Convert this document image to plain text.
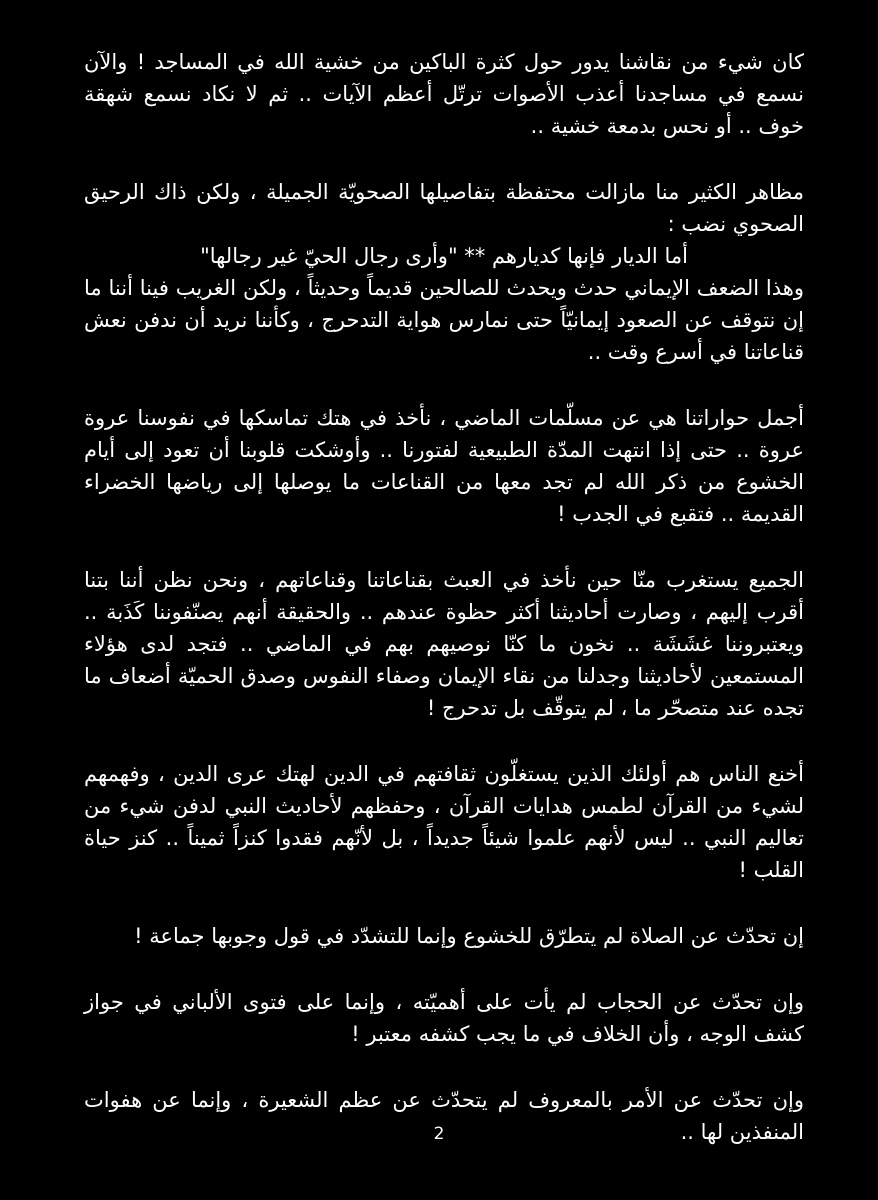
كان شيء من نقاشنا يدور حول كثرة الباكين من خشية الله في المساجد ! والآن نسمع في مساجدنا أعذب الأصوات ترتّل أعظم الآيات .. ثم لا نكاد نسمع شهقة خوف .. أو نحس بدمعة خشية ..

مظاهر الكثير منا مازالت محتفظة بتفاصيلها الصحويّة الجميلة ، ولكن ذاك الرحيق الصحوي نضب :

أما الديار فإنها كديارهم ** "وأرى رجال الحيّ غير رجالها"

وهذا الضعف الإيماني حدث ويحدث للصالحين قديماً وحديثاً ، ولكن الغريب فينا أننا ما إن نتوقف عن الصعود إيمانيّاً حتى نمارس هواية التدحرج ، وكأننا نريد أن ندفن نعش قناعاتنا في أسرع وقت ..

أجمل حواراتنا هي عن مسلّمات الماضي ، نأخذ في هتك تماسكها في نفوسنا عروة عروة .. حتى إذا انتهت المدّة الطبيعية لفتورنا .. وأوشكت قلوبنا أن تعود إلى أيام الخشوع من ذكر الله لم تجد معها من القناعات ما يوصلها إلى رياضها الخضراء القديمة .. فتقبع في الجدب !

الجميع يستغرب منّا حين نأخذ في العبث بقناعاتنا وقناعاتهم ، ونحن نظن أننا بتنا أقرب إليهم ، وصارت أحاديثنا أكثر حظوة عندهم .. والحقيقة أنهم يصنّفوننا كَذَبة .. ويعتبروننا غشَشَة .. نخون ما كنّا نوصيهم بهم في الماضي .. فتجد لدى هؤلاء المستمعين لأحاديثنا وجدلنا من نقاء الإيمان وصفاء النفوس وصدق الحميّة أضعاف ما تجده عند متصحّر ما ، لم يتوقّف بل تدحرج !

أخنع الناس هم أولئك الذين يستغلّون ثقافتهم في الدين لهتك عرى الدين ، وفهمهم لشيء من القرآن لطمس هدايات القرآن ، وحفظهم لأحاديث النبي لدفن شيء من تعاليم النبي .. ليس لأنهم علموا شيئاً جديداً ، بل لأنّهم فقدوا كنزاً ثميناً .. كنز حياة القلب !

إن تحدّث عن الصلاة لم يتطرّق للخشوع وإنما للتشدّد في قول وجوبها جماعة !

وإن تحدّث عن الحجاب لم يأت على أهميّته ، وإنما على فتوى الألباني في جواز كشف الوجه ، وأن الخلاف في ما يجب كشفه معتبر !

وإن تحدّث عن الأمر بالمعروف لم يتحدّث عن عظم الشعيرة ، وإنما عن هفوات المنفذين لها ..

2
